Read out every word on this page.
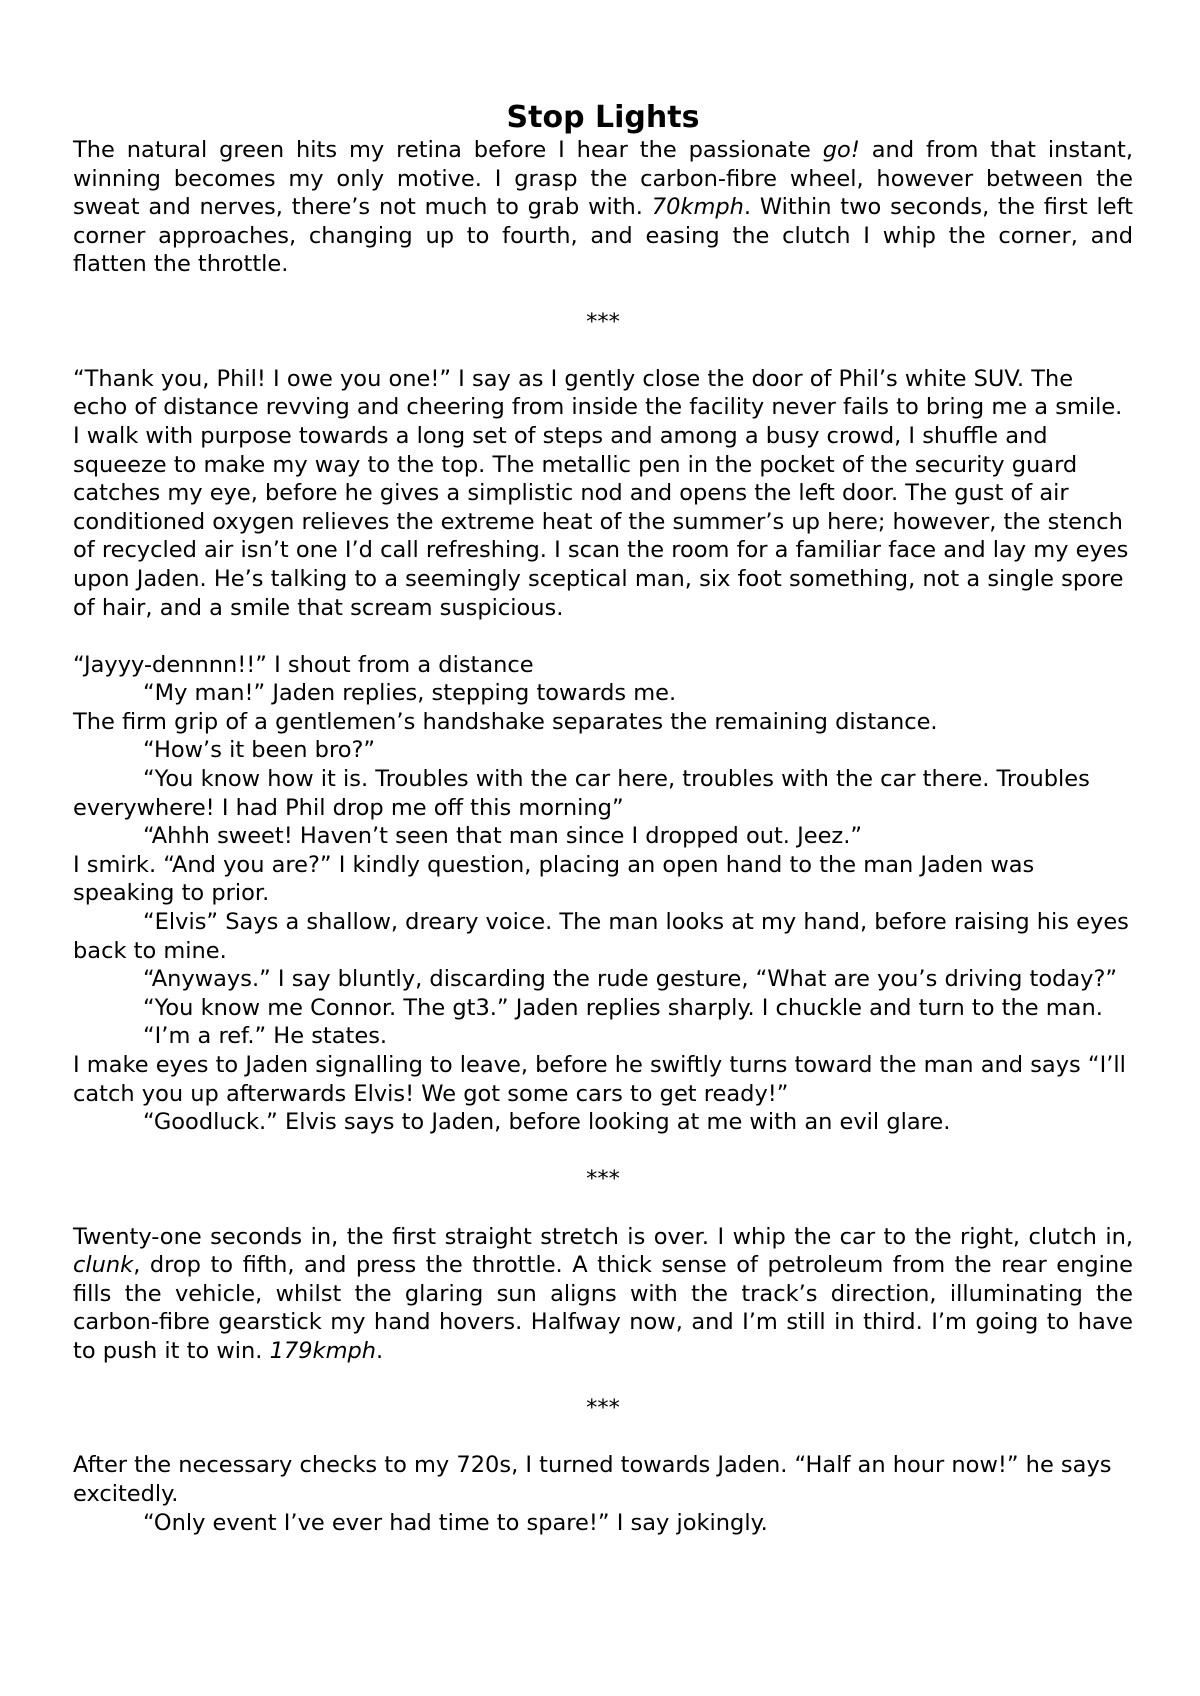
Stop Lights

The natural green hits my retina before I hear the passionate go! and from that instant, winning becomes my only motive. I grasp the carbon-fibre wheel, however between the sweat and nerves, there’s not much to grab with. 70kmph. Within two seconds, the first left corner approaches, changing up to fourth, and easing the clutch I whip the corner, and flatten the throttle.

***

“Thank you, Phil! I owe you one!” I say as I gently close the door of Phil’s white SUV. The echo of distance revving and cheering from inside the facility never fails to bring me a smile. I walk with purpose towards a long set of steps and among a busy crowd, I shuffle and squeeze to make my way to the top. The metallic pen in the pocket of the security guard catches my eye, before he gives a simplistic nod and opens the left door. The gust of air conditioned oxygen relieves the extreme heat of the summer’s up here; however, the stench of recycled air isn’t one I’d call refreshing. I scan the room for a familiar face and lay my eyes upon Jaden. He’s talking to a seemingly sceptical man, six foot something, not a single spore of hair, and a smile that scream suspicious.

“Jayyy-dennnn!!” I shout from a distance

“My man!” Jaden replies, stepping towards me.

The firm grip of a gentlemen’s handshake separates the remaining distance.

“How’s it been bro?”

“You know how it is. Troubles with the car here, troubles with the car there. Troubles everywhere! I had Phil drop me off this morning”

“Ahhh sweet! Haven’t seen that man since I dropped out. Jeez.”

I smirk. “And you are?” I kindly question, placing an open hand to the man Jaden was speaking to prior.

“Elvis” Says a shallow, dreary voice. The man looks at my hand, before raising his eyes back to mine.

“Anyways.” I say bluntly, discarding the rude gesture, “What are you’s driving today?”

“You know me Connor. The gt3.” Jaden replies sharply. I chuckle and turn to the man.

“I’m a ref.” He states.

I make eyes to Jaden signalling to leave, before he swiftly turns toward the man and says “I’ll catch you up afterwards Elvis! We got some cars to get ready!”

“Goodluck.” Elvis says to Jaden, before looking at me with an evil glare.

***

Twenty-one seconds in, the first straight stretch is over. I whip the car to the right, clutch in, clunk, drop to fifth, and press the throttle. A thick sense of petroleum from the rear engine fills the vehicle, whilst the glaring sun aligns with the track’s direction, illuminating the carbon-fibre gearstick my hand hovers. Halfway now, and I’m still in third. I’m going to have to push it to win. 179kmph.

***

After the necessary checks to my 720s, I turned towards Jaden. “Half an hour now!” he says excitedly.

“Only event I’ve ever had time to spare!” I say jokingly.
